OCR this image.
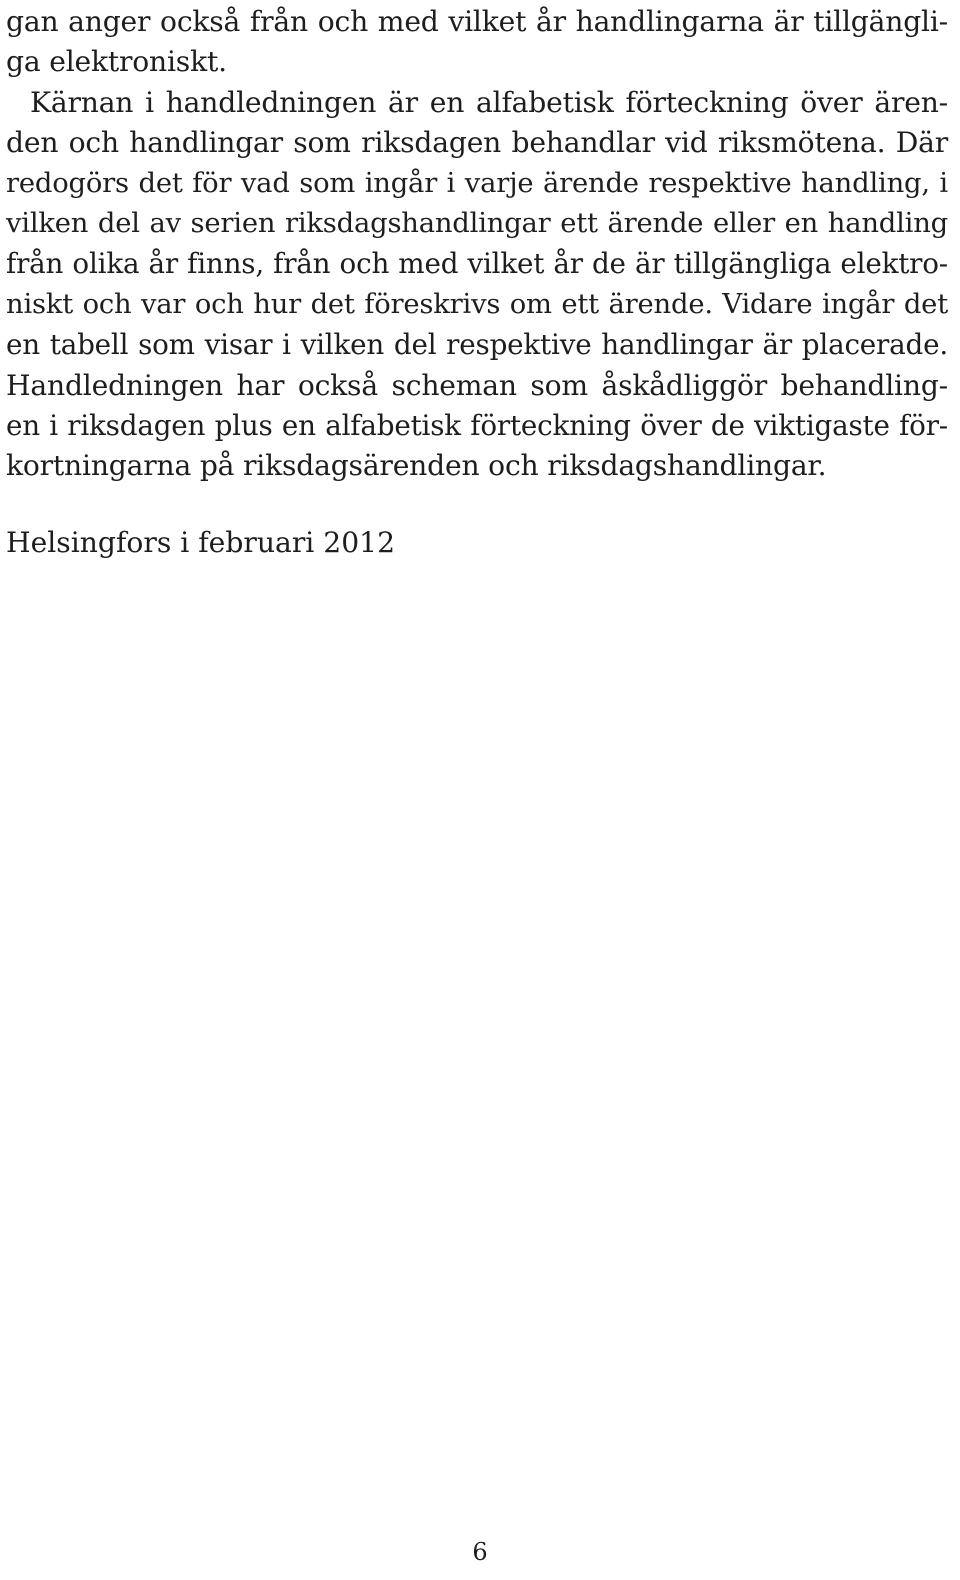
gan anger också från och med vilket år handlingarna är tillgängli-
ga elektroniskt.
Kärnan i handledningen är en alfabetisk förteckning över ären-
den och handlingar som riksdagen behandlar vid riksmötena. Där
redogörs det för vad som ingår i varje ärende respektive handling, i
vilken del av serien riksdagshandlingar ett ärende eller en handling
från olika år finns, från och med vilket år de är tillgängliga elektro-
niskt och var och hur det föreskrivs om ett ärende. Vidare ingår det
en tabell som visar i vilken del respektive handlingar är placerade.
Handledningen har också scheman som åskådliggör behandling-
en i riksdagen plus en alfabetisk förteckning över de viktigaste för-
kortningarna på riksdagsärenden och riksdagshandlingar.
Helsingfors i februari 2012
6
